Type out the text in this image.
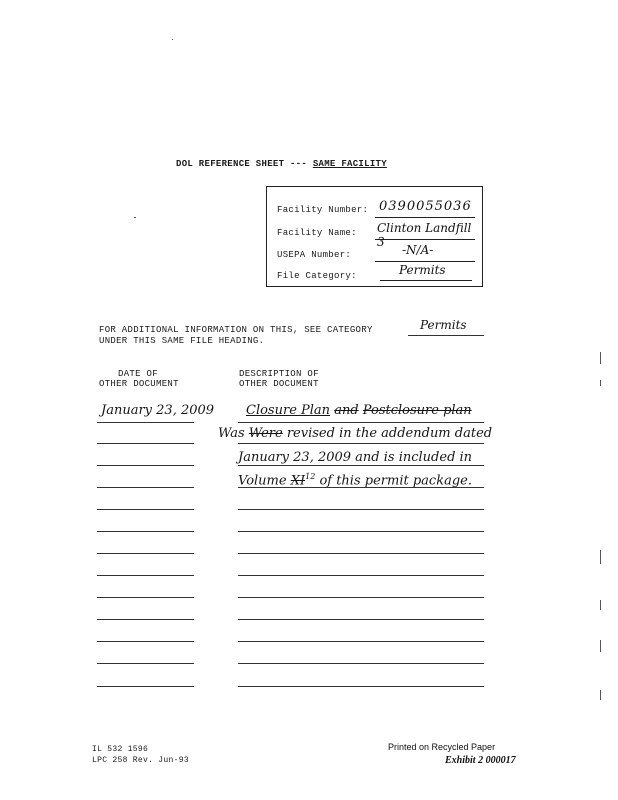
DOL REFERENCE SHEET --- SAME FACILITY
Facility Number: 0390055036
Facility Name: Clinton Landfill 3
USEPA Number:	-N/A-
File Category:	Permits
FOR ADDITIONAL INFORMATION ON THIS, SEE CATEGORY	Permits
UNDER THIS SAME FILE HEADING.
DATE OF
OTHER DOCUMENT
DESCRIPTION OF
OTHER DOCUMENT
January 23, 2009 Closure Plan and Postclosure plan
Was Were revised in the addendum dated
January 23, 2009 and is included in
Volume XI$^{12}$ of this permit package.
IL 532 1596
LPC 258 Rev. Jun-93
Printed on Recycled Paper
Exhibit 2 000017
